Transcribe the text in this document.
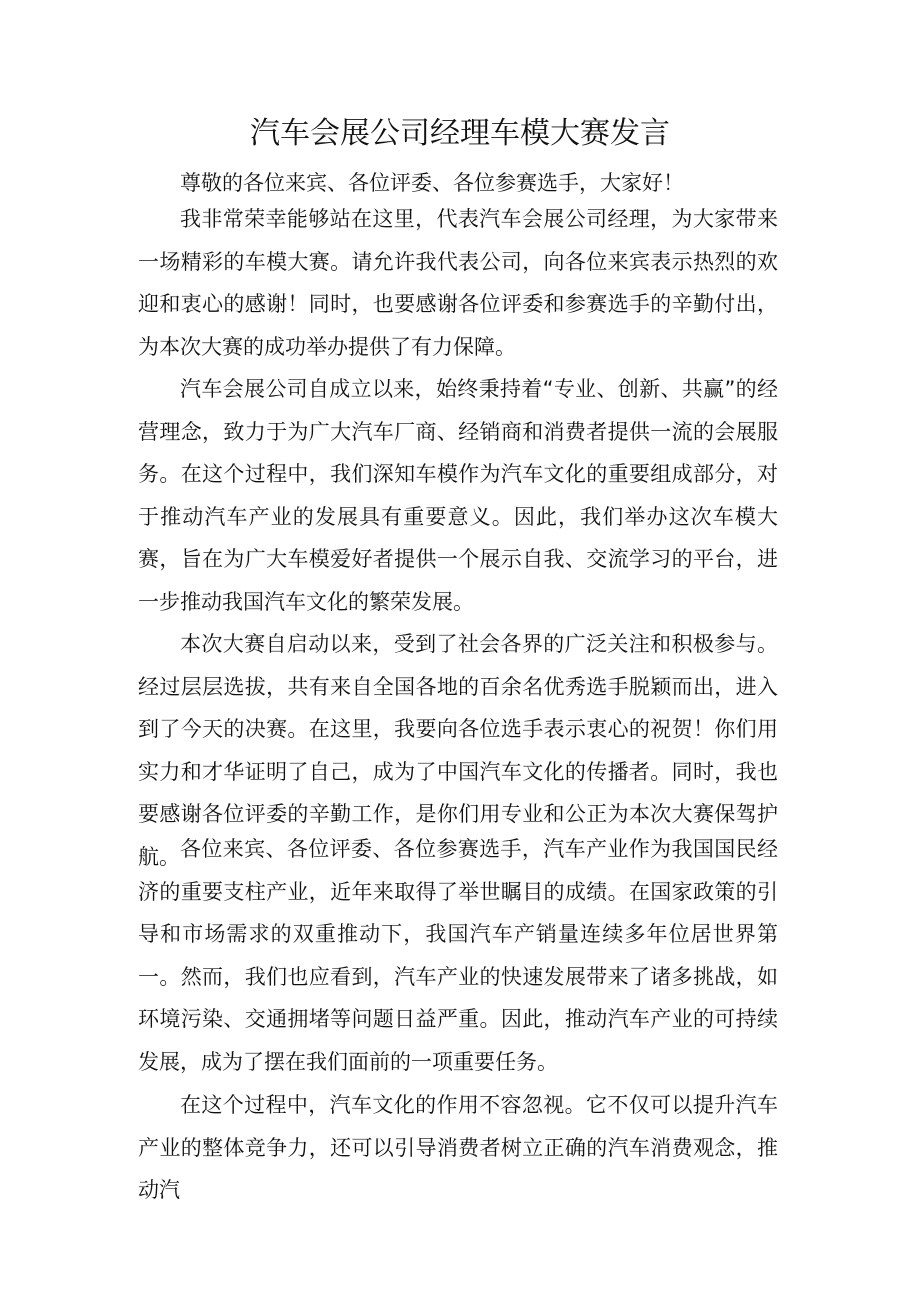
汽车会展公司经理车模大赛发言
尊敬的各位来宾、各位评委、各位参赛选手，大家好！

我非常荣幸能够站在这里，代表汽车会展公司经理，为大家带来一场精彩的车模大赛。请允许我代表公司，向各位来宾表示热烈的欢迎和衷心的感谢！同时，也要感谢各位评委和参赛选手的辛勤付出，为本次大赛的成功举办提供了有力保障。

汽车会展公司自成立以来，始终秉持着“专业、创新、共赢”的经营理念，致力于为广大汽车厂商、经销商和消费者提供一流的会展服务。在这个过程中，我们深知车模作为汽车文化的重要组成部分，对于推动汽车产业的发展具有重要意义。因此，我们举办这次车模大赛，旨在为广大车模爱好者提供一个展示自我、交流学习的平台，进一步推动我国汽车文化的繁荣发展。

本次大赛自启动以来，受到了社会各界的广泛关注和积极参与。经过层层选拔，共有来自全国各地的百余名优秀选手脱颖而出，进入到了今天的决赛。在这里，我要向各位选手表示衷心的祝贺！你们用实力和才华证明了自己，成为了中国汽车文化的传播者。同时，我也要感谢各位评委的辛勤工作，是你们用专业和公正为本次大赛保驾护航。 各位来宾、各位评委、各位参赛选手，汽车产业作为我国国民经济的重要支柱产业，近年来取得了举世瞩目的成绩。在国家政策的引导和市场需求的双重推动下，我国汽车产销量连续多年位居世界第一。然而，我们也应看到，汽车产业的快速发展带来了诸多挑战，如环境污染、交通拥堵等问题日益严重。因此，推动汽车产业的可持续发展，成为了摆在我们面前的一项重要任务。

在这个过程中，汽车文化的作用不容忽视。它不仅可以提升汽车产业的整体竞争力，还可以引导消费者树立正确的汽车消费观念，推动汽
